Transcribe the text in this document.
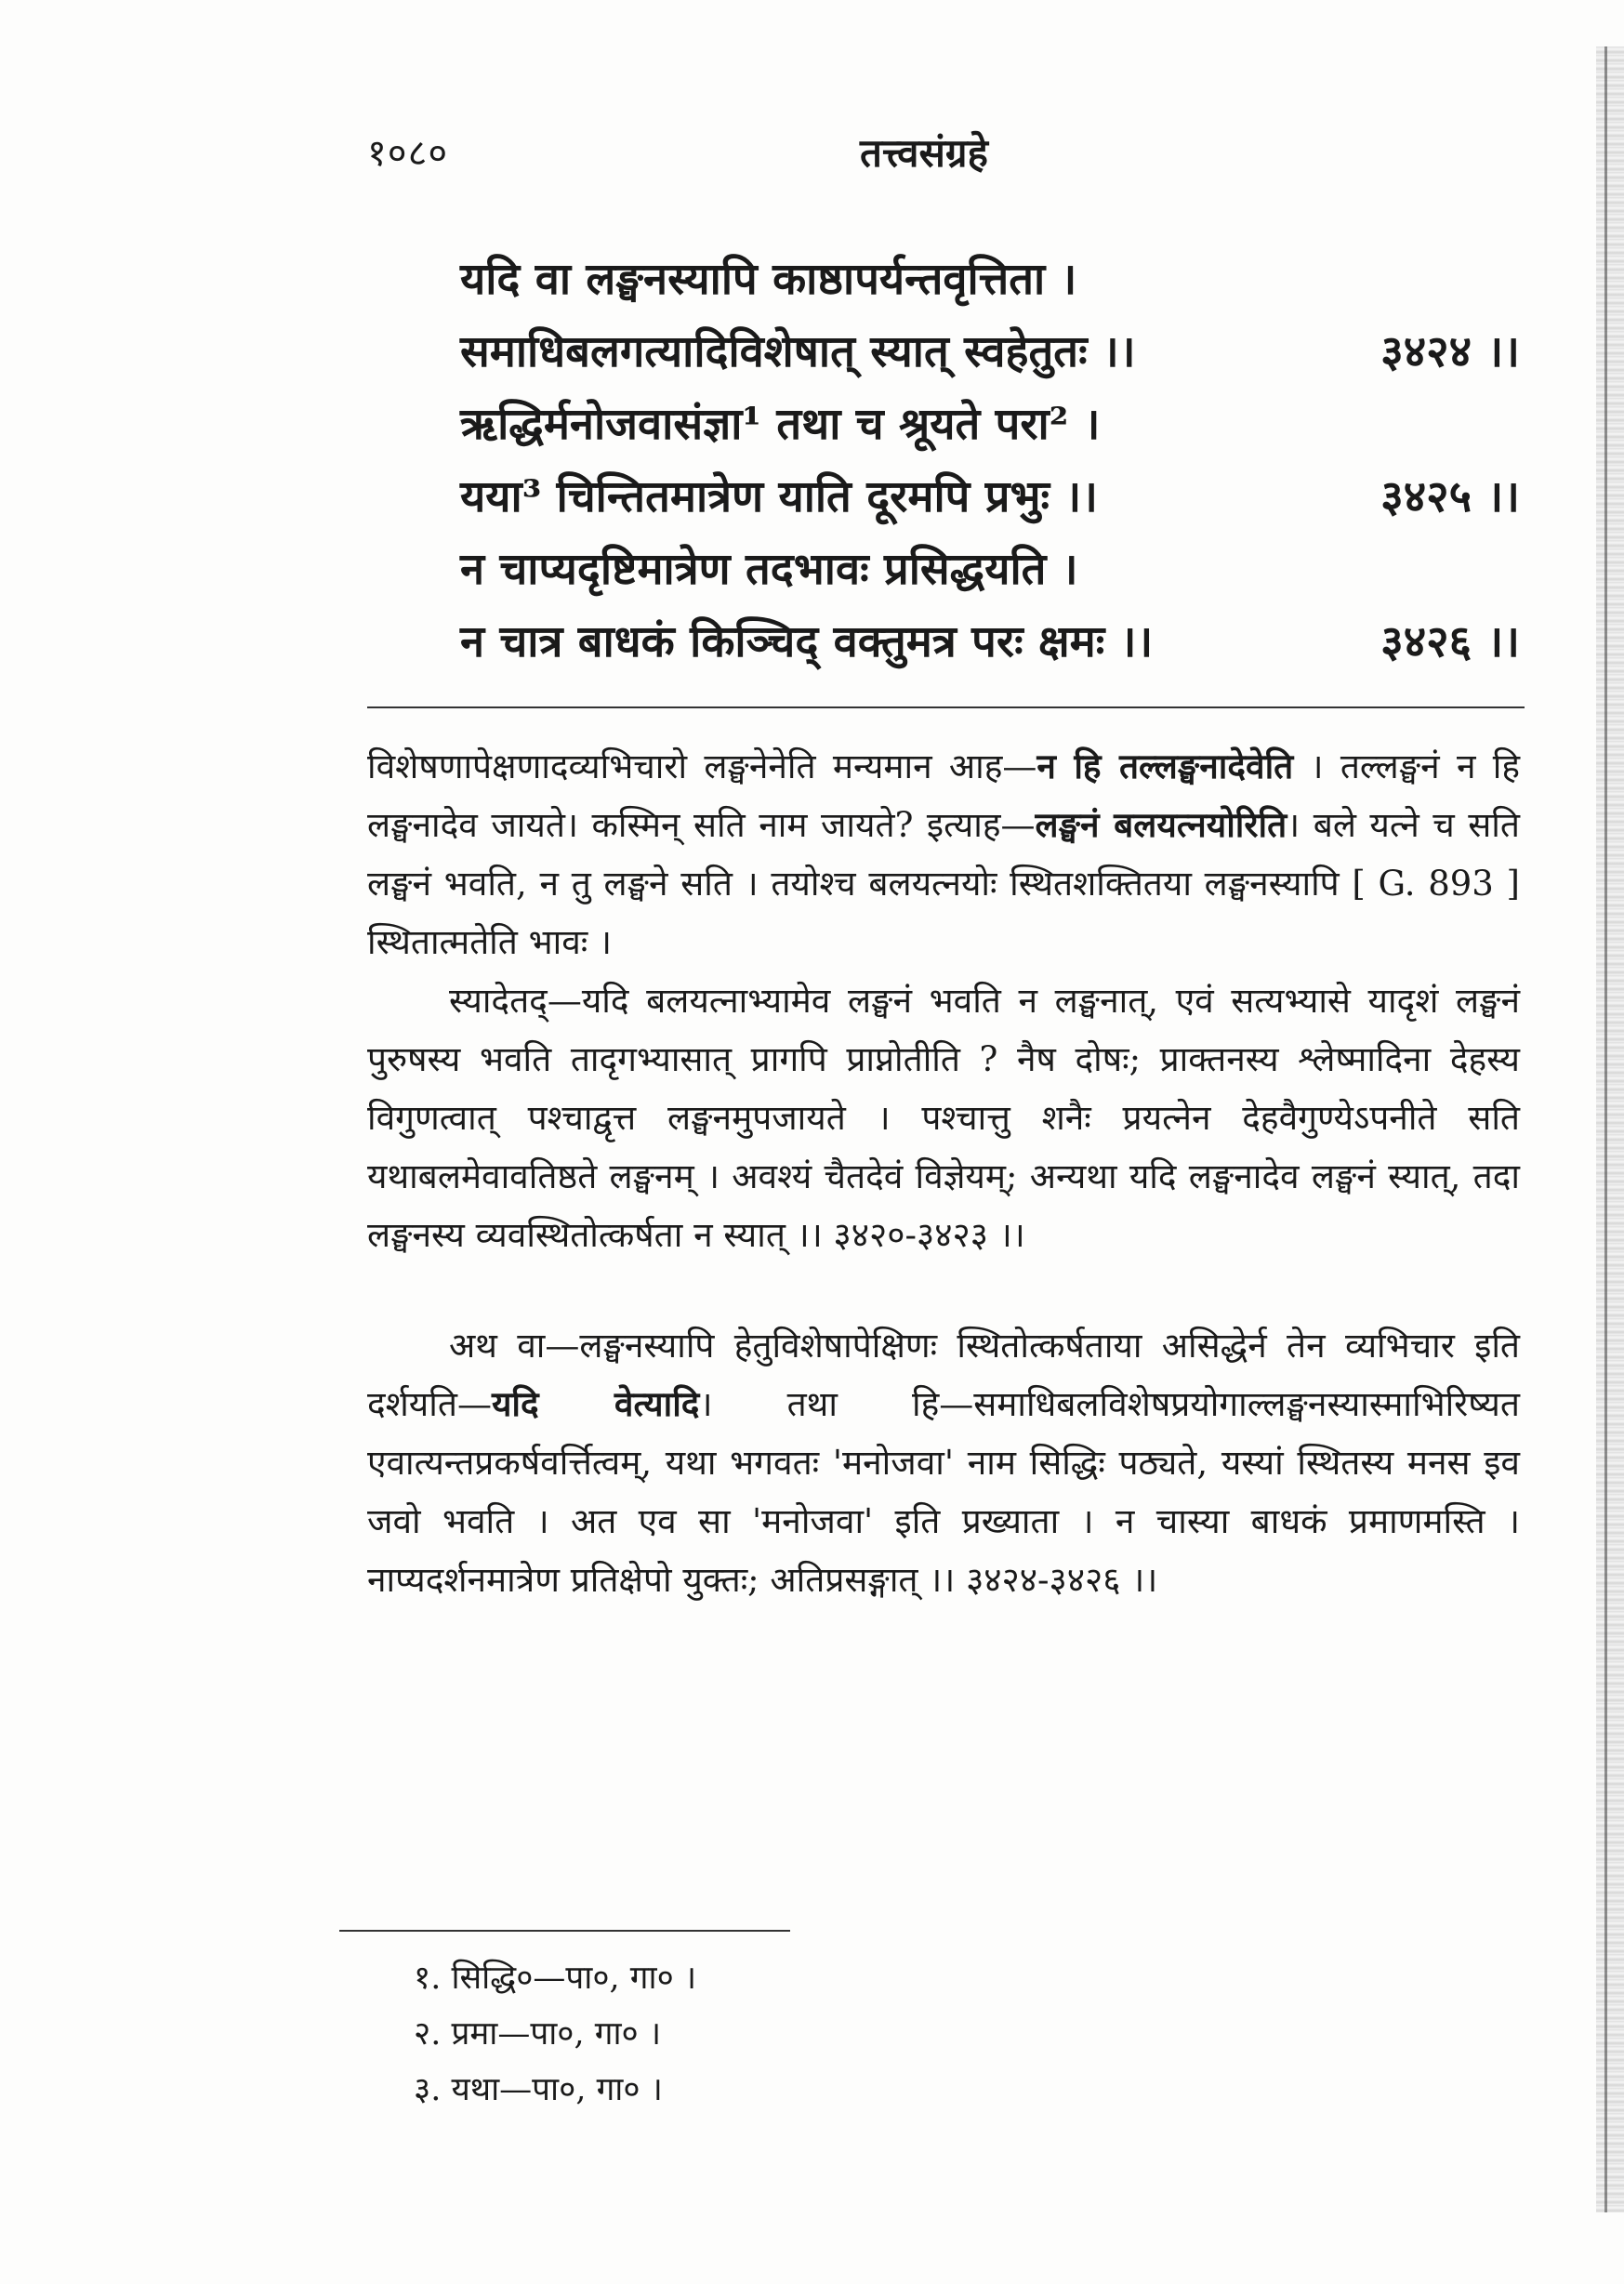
१०८०	तत्त्वसंग्रहे
यदि वा लङ्घनस्यापि काष्ठापर्यन्तवृत्तिता ।
समाधिबलगत्यादिविशेषात् स्यात् स्वहेतुतः ।।	३४२४ ।।
ऋद्धिर्मनोजवासंज्ञा¹ तथा च श्रूयते परा² ।
यया³ चिन्तितमात्रेण याति दूरमपि प्रभुः ।।	३४२५ ।।
न चाप्यदृष्टिमात्रेण तदभावः प्रसिद्धयति ।
न चात्र बाधकं किञ्चिद् वक्तुमत्र परः क्षमः ।।	३४२६ ।।

विशेषणापेक्षणादव्यभिचारो लङ्घनेनेति मन्यमान आह—न हि तल्लङ्घनादेवेति । तल्लङ्घनं न हि लङ्घनादेव जायते। कस्मिन् सति नाम जायते? इत्याह—लङ्घनं बलयत्नयोरिति। बले यत्ने च सति लङ्घनं भवति, न तु लङ्घने सति । तयोश्च बलयत्नयोः स्थितशक्तितया लङ्घनस्यापि [ G. 893 ] स्थितात्मतेति भावः ।

स्यादेतद्—यदि बलयत्नाभ्यामेव लङ्घनं भवति न लङ्घनात्, एवं सत्यभ्यासे यादृशं लङ्घनं पुरुषस्य भवति तादृगभ्यासात् प्रागपि प्राप्नोतीति ? नैष दोषः; प्राक्तनस्य श्लेष्मादिना देहस्य विगुणत्वात् पश्चाद्वृत्त लङ्घनमुपजायते । पश्चात्तु शनैः प्रयत्नेन देहवैगुण्येऽपनीते सति यथाबलमेवावतिष्ठते लङ्घनम् । अवश्यं चैतदेवं विज्ञेयम्; अन्यथा यदि लङ्घनादेव लङ्घनं स्यात्, तदा लङ्घनस्य व्यवस्थितोत्कर्षता न स्यात् ।। ३४२०-३४२३ ।।

अथ वा—लङ्घनस्यापि हेतुविशेषापेक्षिणः स्थितोत्कर्षताया असिद्धेर्न तेन व्यभिचार इति दर्शयति—यदि वेत्यादि। तथा हि—समाधिबलविशेषप्रयोगाल्लङ्घनस्यास्माभिरिष्यत एवात्यन्तप्रकर्षवर्त्तित्वम्, यथा भगवतः 'मनोजवा' नाम सिद्धिः पठ्यते, यस्यां स्थितस्य मनस इव जवो भवति । अत एव सा 'मनोजवा' इति प्रख्याता । न चास्या बाधकं प्रमाणमस्ति । नाप्यदर्शनमात्रेण प्रतिक्षेपो युक्तः; अतिप्रसङ्गात् ।। ३४२४-३४२६ ।।

१. सिद्धि०—पा०, गा० ।
२. प्रमा—पा०, गा० ।
३. यथा—पा०, गा० ।
